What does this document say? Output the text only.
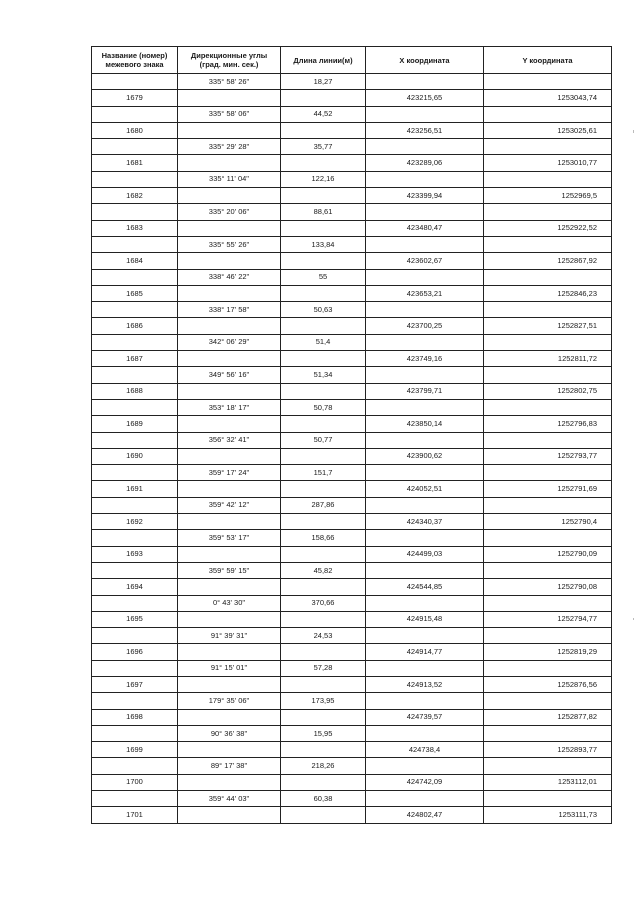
Название (номер) межевого знака	Дирекционные углы (град. мин. сек.)	Длина линии(м)	Х координата	Y координата
	335° 58' 26"	18,27		
1679			423215,65	1253043,74
	335° 58' 06"	44,52		
1680			423256,51	1253025,61
	335° 29' 28"	35,77		
1681			423289,06	1253010,77
	335° 11' 04"	122,16		
1682			423399,94	1252969,5
	335° 20' 06"	88,61		
1683			423480,47	1252922,52
	335° 55' 26"	133,84		
1684			423602,67	1252867,92
	338° 46' 22"	55		
1685			423653,21	1252846,23
	338° 17' 58"	50,63		
1686			423700,25	1252827,51
	342° 06' 29"	51,4		
1687			423749,16	1252811,72
	349° 56' 16"	51,34		
1688			423799,71	1252802,75
	353° 18' 17"	50,78		
1689			423850,14	1252796,83
	356° 32' 41"	50,77		
1690			423900,62	1252793,77
	359° 17' 24"	151,7		
1691			424052,51	1252791,69
	359° 42' 12"	287,86		
1692			424340,37	1252790,4
	359° 53' 17"	158,66		
1693			424499,03	1252790,09
	359° 59' 15"	45,82		
1694			424544,85	1252790,08
	0° 43' 30"	370,66		
1695			424915,48	1252794,77
	91° 39' 31"	24,53		
1696			424914,77	1252819,29
	91° 15' 01"	57,28		
1697			424913,52	1252876,56
	179° 35' 06"	173,95		
1698			424739,57	1252877,82
	90° 36' 38"	15,95		
1699			424738,4	1252893,77
	89° 17' 38"	218,26		
1700			424742,09	1253112,01
	359° 44' 03"	60,38		
1701			424802,47	1253111,73
